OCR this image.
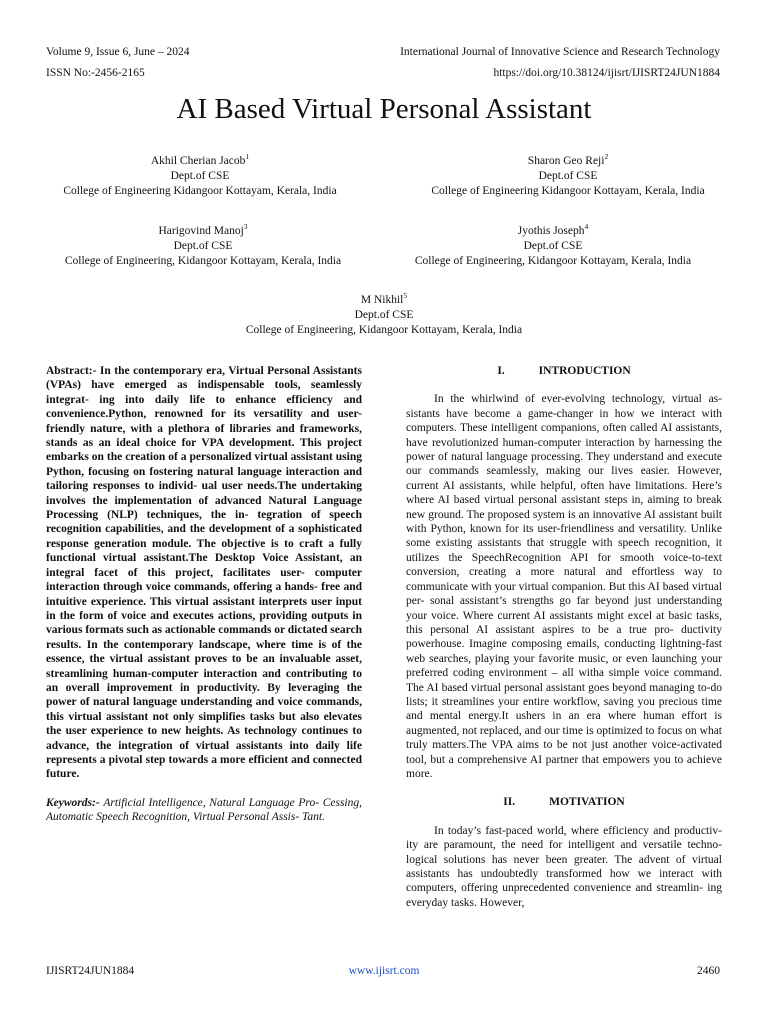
Volume 9, Issue 6, June – 2024	International Journal of Innovative Science and Research Technology
ISSN No:-2456-2165	https://doi.org/10.38124/ijisrt/IJISRT24JUN1884
AI Based Virtual Personal Assistant
Akhil Cherian Jacob$^1$
Dept.of CSE
College of Engineering Kidangoor Kottayam, Kerala, India
Sharon Geo Reji$^2$
Dept.of CSE
College of Engineering Kidangoor Kottayam, Kerala, India
Harigovind Manoj$^3$
Dept.of CSE
College of Engineering, Kidangoor Kottayam, Kerala, India
Jyothis Joseph$^4$
Dept.of CSE
College of Engineering, Kidangoor Kottayam, Kerala, India
M Nikhil$^5$
Dept.of CSE
College of Engineering, Kidangoor Kottayam, Kerala, India

Abstract:- In the contemporary era, Virtual Personal Assistants (VPAs) have emerged as indispensable tools, seamlessly integrat- ing into daily life to enhance efficiency and convenience.Python, renowned for its versatility and user-friendly nature, with a plethora of libraries and frameworks, stands as an ideal choice for VPA development. This project embarks on the creation of a personalized virtual assistant using Python, focusing on fostering natural language interaction and tailoring responses to individ- ual user needs.The undertaking involves the implementation of advanced Natural Language Processing (NLP) techniques, the in- tegration of speech recognition capabilities, and the development of a sophisticated response generation module. The objective is to craft a fully functional virtual assistant.The Desktop Voice Assistant, an integral facet of this project, facilitates user- computer interaction through voice commands, offering a hands- free and intuitive experience. This virtual assistant interprets user input in the form of voice and executes actions, providing outputs in various formats such as actionable commands or dictated search results. In the contemporary landscape, where time is of the essence, the virtual assistant proves to be an invaluable asset, streamlining human-computer interaction and contributing to an overall improvement in productivity. By leveraging the power of natural language understanding and voice commands, this virtual assistant not only simplifies tasks but also elevates the user experience to new heights. As technology continues to advance, the integration of virtual assistants into daily life represents a pivotal step towards a more efficient and connected future.

Keywords:- Artificial Intelligence, Natural Language Pro- Cessing, Automatic Speech Recognition, Virtual Personal Assis- Tant.

I.	INTRODUCTION

In the whirlwind of ever-evolving technology, virtual as- sistants have become a game-changer in how we interact with computers. These intelligent companions, often called AI assistants, have revolutionized human-computer interaction by harnessing the power of natural language processing. They understand and execute our commands seamlessly, making our lives easier. However, current AI assistants, while helpful, often have limitations. Here’s where AI based virtual personal assistant steps in, aiming to break new ground. The proposed system is an innovative AI assistant built with Python, known for its user-friendliness and versatility. Unlike some existing assistants that struggle with speech recognition, it utilizes the SpeechRecognition API for smooth voice-to-text conversion, creating a more natural and effortless way to communicate with your virtual companion. But this AI based virtual per- sonal assistant’s strengths go far beyond just understanding your voice. Where current AI assistants might excel at basic tasks, this personal AI assistant aspires to be a true pro- ductivity powerhouse. Imagine composing emails, conducting lightning-fast web searches, playing your favorite music, or even launching your preferred coding environment – all witha simple voice command. The AI based virtual personal assistant goes beyond managing to-do lists; it streamlines your entire workflow, saving you precious time and mental energy.It ushers in an era where human effort is augmented, not replaced, and our time is optimized to focus on what truly matters.The VPA aims to be not just another voice-activated tool, but a comprehensive AI partner that empowers you to achieve more.

II.	MOTIVATION

In today’s fast-paced world, where efficiency and productiv- ity are paramount, the need for intelligent and versatile techno- logical solutions has never been greater. The advent of virtual assistants has undoubtedly transformed how we interact with computers, offering unprecedented convenience and streamlin- ing everyday tasks. However,

IJISRT24JUN1884	www.ijisrt.com	2460
